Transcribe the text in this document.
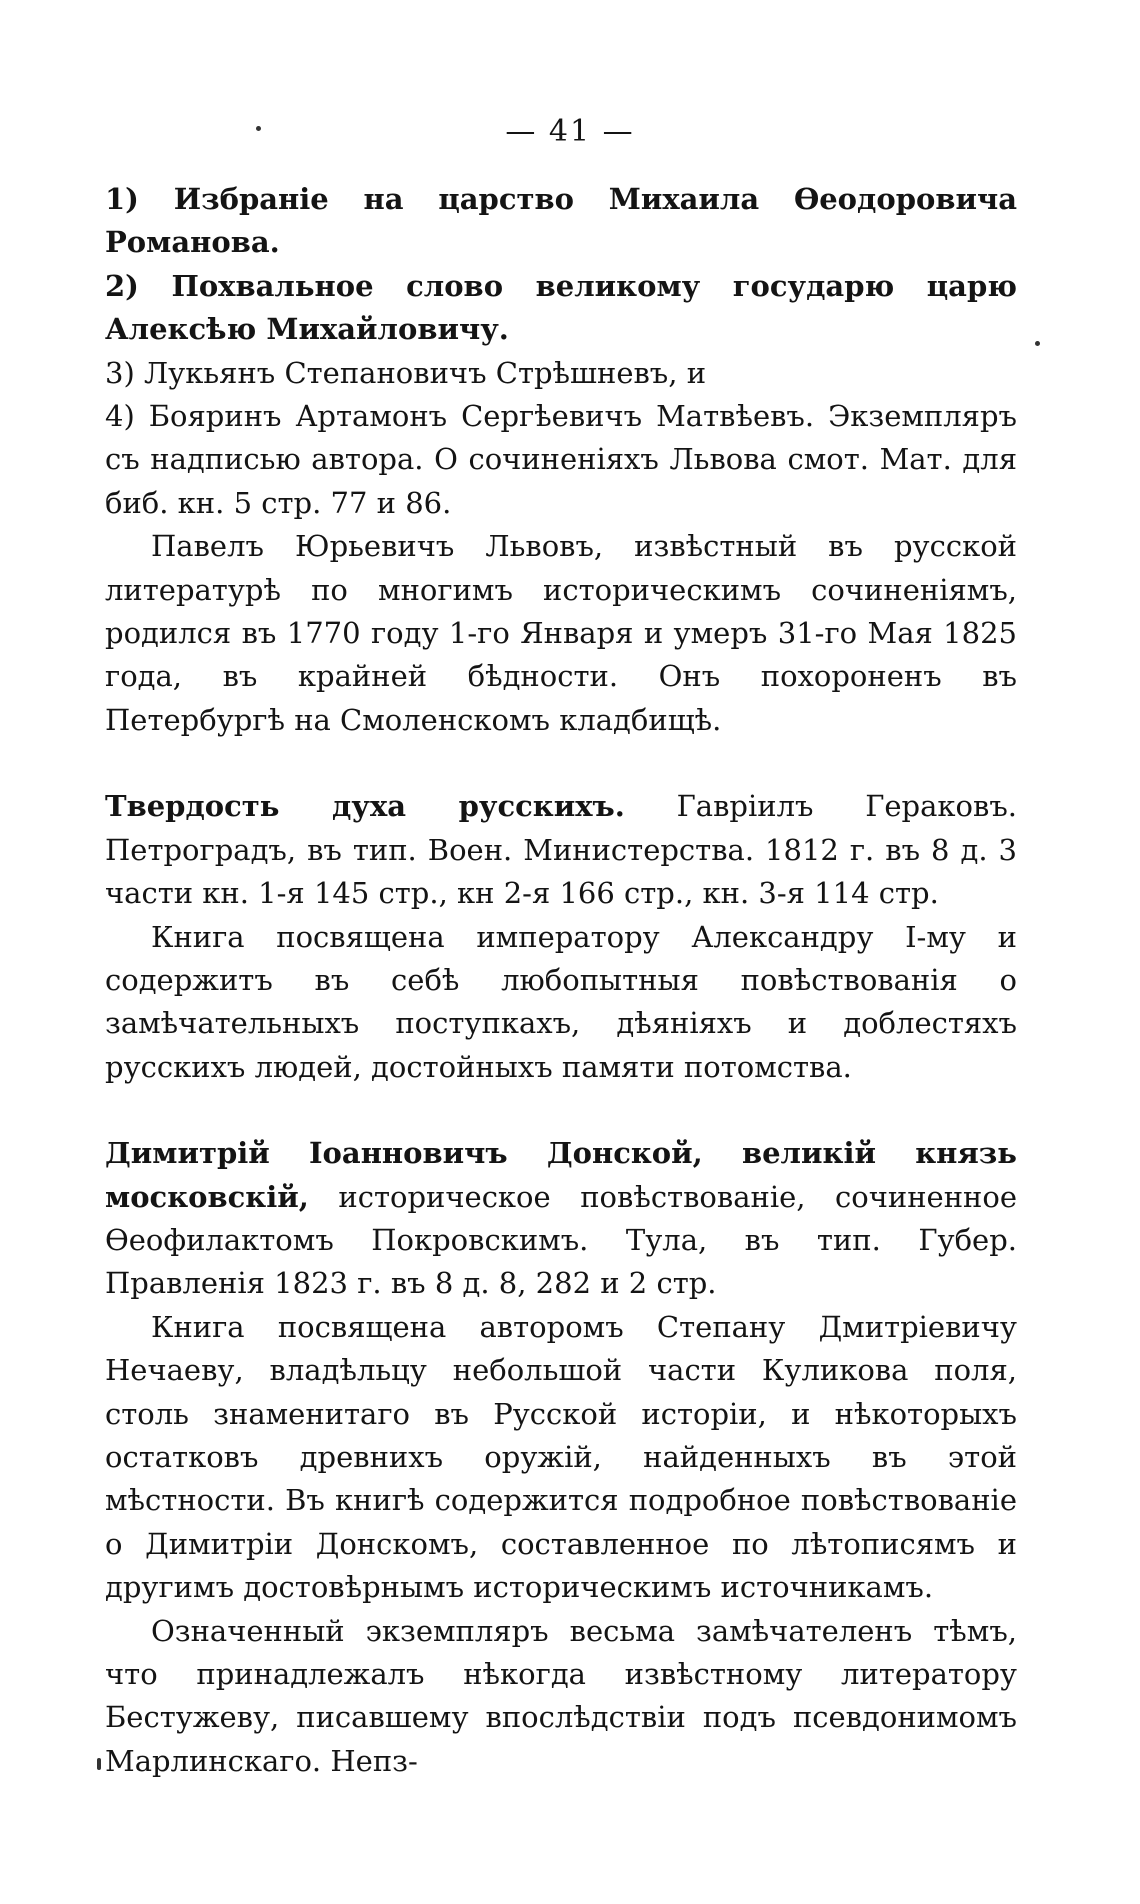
— 41 —

1) Избраніе на царство Михаила Ѳеодоровича Романова.

2) Похвальное слово великому государю царю Алексѣю Михайловичу.

3) Лукьянъ Степановичъ Стрѣшневъ, и

4) Бояринъ Артамонъ Сергѣевичъ Матвѣевъ. Экземпляръ съ надписью автора. О сочиненіяхъ Львова смот. Мат. для биб. кн. 5 стр. 77 и 86.

Павелъ Юрьевичъ Львовъ, извѣстный въ русской литературѣ по многимъ историческимъ сочиненіямъ, родился въ 1770 году 1-го Января и умеръ 31-го Мая 1825 года, въ крайней бѣдности. Онъ похороненъ въ Петербургѣ на Смоленскомъ кладбищѣ.

Твердость духа русскихъ. Гавріилъ Гераковъ. Петроградъ, въ тип. Воен. Министерства. 1812 г. въ 8 д. 3 части кн. 1-я 145 стр., кн 2-я 166 стр., кн. 3-я 114 стр.

Книга посвящена императору Александру I-му и содержитъ въ себѣ любопытныя повѣствованія о замѣчательныхъ поступкахъ, дѣяніяхъ и доблестяхъ русскихъ людей, достойныхъ памяти потомства.

Димитрій Іоанновичъ Донской, великій князь московскій, историческое повѣствованіе, сочиненное Ѳеофилактомъ Покровскимъ. Тула, въ тип. Губер. Правленія 1823 г. въ 8 д. 8, 282 и 2 стр.

Книга посвящена авторомъ Степану Дмитріевичу Нечаеву, владѣльцу небольшой части Куликова поля, столь знаменитаго въ Русской исторіи, и нѣкоторыхъ остатковъ древнихъ оружій, найденныхъ въ этой мѣстности. Въ книгѣ содержится подробное повѣствованіе о Димитріи Донскомъ, составленное по лѣтописямъ и другимъ достовѣрнымъ историческимъ источникамъ.

Означенный экземпляръ весьма замѣчателенъ тѣмъ, что принадлежалъ нѣкогда извѣстному литератору Бестужеву, писавшему впослѣдствіи подъ псевдонимомъ Марлинскаго. Непз-
